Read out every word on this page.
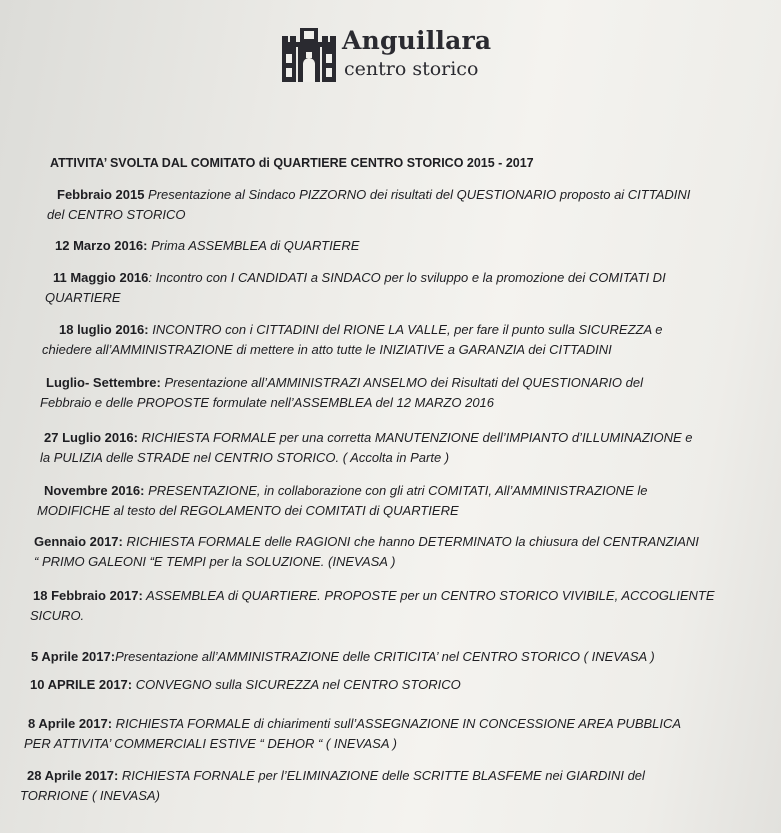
Anguillara
centro storico
ATTIVITA’ SVOLTA DAL COMITATO di QUARTIERE CENTRO STORICO 2015 - 2017
Febbraio 2015 Presentazione al Sindaco PIZZORNO dei risultati del QUESTIONARIO proposto ai CITTADINI
del CENTRO STORICO
12 Marzo 2016: Prima ASSEMBLEA di QUARTIERE
11 Maggio 2016: Incontro con I CANDIDATI a SINDACO per lo sviluppo e la promozione dei COMITATI DI
QUARTIERE
18 luglio 2016: INCONTRO con i CITTADINI del RIONE LA VALLE, per fare il punto sulla SICUREZZA e
chiedere all’AMMINISTRAZIONE di mettere in atto tutte le INIZIATIVE a GARANZIA dei CITTADINI
Luglio- Settembre: Presentazione all’AMMINISTRAZI ANSELMO dei Risultati del QUESTIONARIO del
Febbraio e delle PROPOSTE formulate nell’ASSEMBLEA del 12 MARZO 2016
27 Luglio 2016: RICHIESTA FORMALE per una corretta MANUTENZIONE dell’IMPIANTO d’ILLUMINAZIONE e
la PULIZIA delle STRADE nel CENTRIO STORICO. ( Accolta in Parte )
Novembre 2016: PRESENTAZIONE, in collaborazione con gli atri COMITATI, All’AMMINISTRAZIONE le
MODIFICHE al testo del REGOLAMENTO dei COMITATI di QUARTIERE
Gennaio 2017: RICHIESTA FORMALE delle RAGIONI che hanno DETERMINATO la chiusura del CENTRANZIANI
“ PRIMO GALEONI “E TEMPI per la SOLUZIONE. (INEVASA )
18 Febbraio 2017: ASSEMBLEA di QUARTIERE. PROPOSTE per un CENTRO STORICO VIVIBILE, ACCOGLIENTE
SICURO.
5 Aprile 2017:Presentazione all’AMMINISTRAZIONE delle CRITICITA’ nel CENTRO STORICO ( INEVASA )
10 APRILE 2017: CONVEGNO sulla SICUREZZA nel CENTRO STORICO
8 Aprile 2017: RICHIESTA FORMALE di chiarimenti sull’ASSEGNAZIONE IN CONCESSIONE AREA PUBBLICA
PER ATTIVITA’ COMMERCIALI ESTIVE “ DEHOR “ ( INEVASA )
28 Aprile 2017: RICHIESTA FORNALE per l’ELIMINAZIONE delle SCRITTE BLASFEME nei GIARDINI del
TORRIONE ( INEVASA)
